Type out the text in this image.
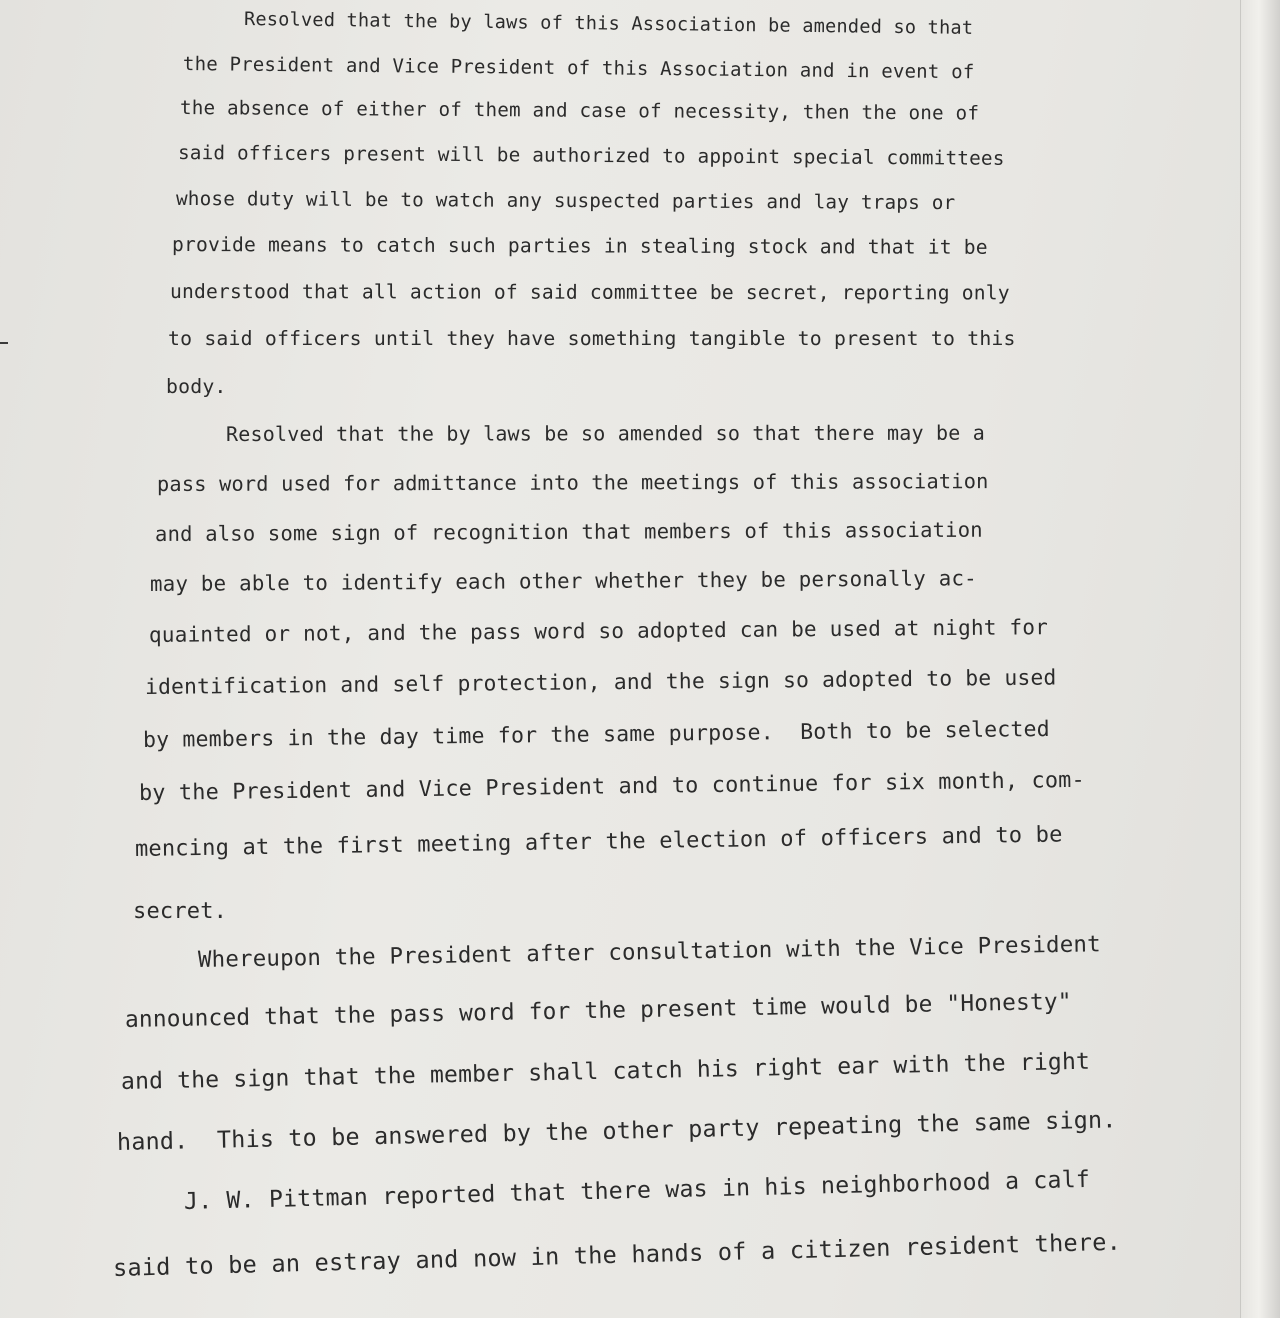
Resolved that the by laws of this Association be amended so that
the President and Vice President of this Association and in event of
the absence of either of them and case of necessity, then the one of
said officers present will be authorized to appoint special committees
whose duty will be to watch any suspected parties and lay traps or
provide means to catch such parties in stealing stock and that it be
understood that all action of said committee be secret, reporting only
to said officers until they have something tangible to present to this
body.
Resolved that the by laws be so amended so that there may be a
pass word used for admittance into the meetings of this association
and also some sign of recognition that members of this association
may be able to identify each other whether they be personally ac-
quainted or not, and the pass word so adopted can be used at night for
identification and self protection, and the sign so adopted to be used
by members in the day time for the same purpose.  Both to be selected
by the President and Vice President and to continue for six month, com-
mencing at the first meeting after the election of officers and to be
secret.
Whereupon the President after consultation with the Vice President
announced that the pass word for the present time would be "Honesty"
and the sign that the member shall catch his right ear with the right
hand.  This to be answered by the other party repeating the same sign.
J. W. Pittman reported that there was in his neighborhood a calf
said to be an estray and now in the hands of a citizen resident there.
